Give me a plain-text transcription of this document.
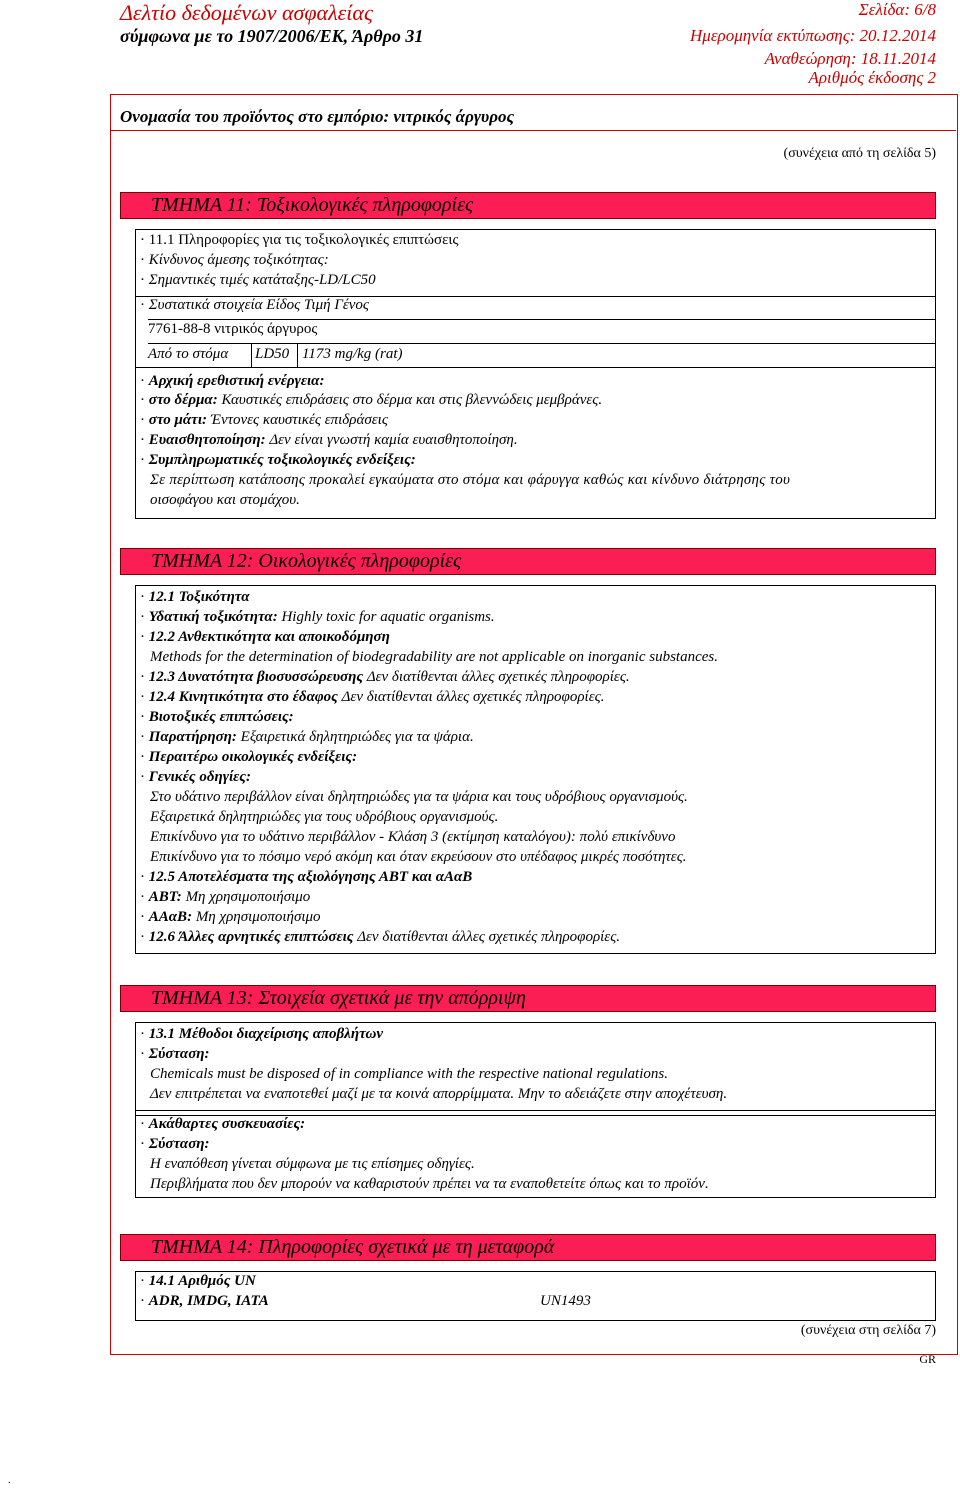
Δελτίο δεδομένων ασφαλείας
σύμφωνα με το 1907/2006/ΕΚ, Άρθρο 31
Σελίδα: 6/8
Ημερομηνία εκτύπωσης: 20.12.2014
Αναθεώρηση: 18.11.2014
Αριθμός έκδοσης 2
Ονομασία του προϊόντος στο εμπόριο: νιτρικός άργυρος
(συνέχεια από τη σελίδα 5)
ΤΜΗΜΑ 11: Τοξικολογικές πληροφορίες
· 11.1 Πληροφορίες για τις τοξικολογικές επιπτώσεις
· Κίνδυνος άμεσης τοξικότητας:
· Σημαντικές τιμές κατάταξης-LD/LC50
· Συστατικά στοιχεία Είδος Τιμή Γένος
7761-88-8 νιτρικός άργυρος
Από το στόμα LD50 1173 mg/kg (rat)
· Αρχική ερεθιστική ενέργεια:
· στο δέρμα: Καυστικές επιδράσεις στο δέρμα και στις βλεννώδεις μεμβράνες.
· στο μάτι: Έντονες καυστικές επιδράσεις
· Ευαισθητοποίηση: Δεν είναι γνωστή καμία ευαισθητοποίηση.
· Συμπληρωματικές τοξικολογικές ενδείξεις:
Σε περίπτωση κατάποσης προκαλεί εγκαύματα στο στόμα και φάρυγγα καθώς και κίνδυνο διάτρησης του
οισοφάγου και στομάχου.
ΤΜΗΜΑ 12: Οικολογικές πληροφορίες
· 12.1 Τοξικότητα
· Υδατική τοξικότητα: Highly toxic for aquatic organisms.
· 12.2 Ανθεκτικότητα και αποικοδόμηση
Methods for the determination of biodegradability are not applicable on inorganic substances.
· 12.3 Δυνατότητα βιοσυσσώρευσης Δεν διατίθενται άλλες σχετικές πληροφορίες.
· 12.4 Κινητικότητα στο έδαφος Δεν διατίθενται άλλες σχετικές πληροφορίες.
· Βιοτοξικές επιπτώσεις:
· Παρατήρηση: Εξαιρετικά δηλητηριώδες για τα ψάρια.
· Περαιτέρω οικολογικές ενδείξεις:
· Γενικές οδηγίες:
Στο υδάτινο περιβάλλον είναι δηλητηριώδες για τα ψάρια και τους υδρόβιους οργανισμούς.
Εξαιρετικά δηλητηριώδες για τους υδρόβιους οργανισμούς.
Επικίνδυνο για το υδάτινο περιβάλλον - Κλάση 3 (εκτίμηση καταλόγου): πολύ επικίνδυνο
Επικίνδυνο για το πόσιμο νερό ακόμη και όταν εκρεύσουν στο υπέδαφος μικρές ποσότητες.
· 12.5 Αποτελέσματα της αξιολόγησης ΑΒΤ και αΑαΒ
· ΑΒΤ: Μη χρησιμοποιήσιμο
· ΑΑαΒ: Μη χρησιμοποιήσιμο
· 12.6 Άλλες αρνητικές επιπτώσεις Δεν διατίθενται άλλες σχετικές πληροφορίες.
ΤΜΗΜΑ 13: Στοιχεία σχετικά με την απόρριψη
· 13.1 Μέθοδοι διαχείρισης αποβλήτων
· Σύσταση:
Chemicals must be disposed of in compliance with the respective national regulations.
Δεν επιτρέπεται να εναποτεθεί μαζί με τα κοινά απορρίμματα. Μην το αδειάζετε στην αποχέτευση.
· Ακάθαρτες συσκευασίες:
· Σύσταση:
Η εναπόθεση γίνεται σύμφωνα με τις επίσημες οδηγίες.
Περιβλήματα που δεν μπορούν να καθαριστούν πρέπει να τα εναποθετείτε όπως και το προϊόν.
ΤΜΗΜΑ 14: Πληροφορίες σχετικά με τη μεταφορά
· 14.1 Αριθμός UN
· ADR, IMDG, IATA	UN1493
(συνέχεια στη σελίδα 7)
GR
.
